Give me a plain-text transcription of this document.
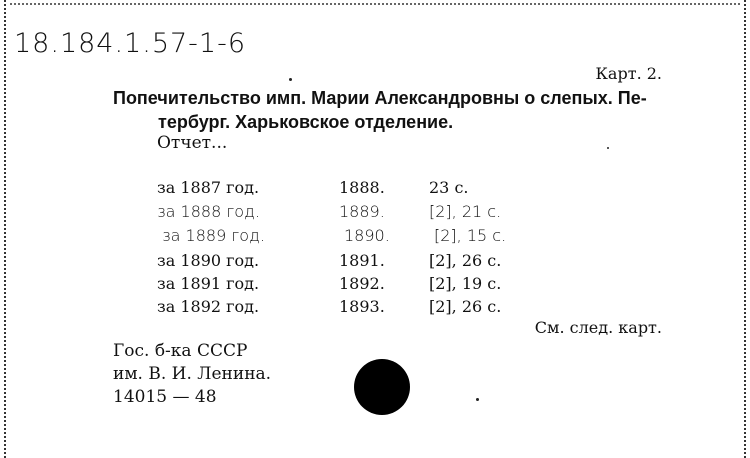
18.184.1.57-1-6
Карт. 2.
Попечительство имп. Марии Александровны о слепых. Пе-
тербург. Харьковское отделение.
Отчет...
за 1887 год.	1888.	23 с.
за 1888 год.	1889.	[2], 21 с.
за 1889 год.	1890.	[2], 15 с.
за 1890 год.	1891.	[2], 26 с.
за 1891 год.	1892.	[2], 19 с.
за 1892 год.	1893.	[2], 26 с.
См. след. карт.
Гос. б-ка СССР
им. В. И. Ленина.
14015 — 48
